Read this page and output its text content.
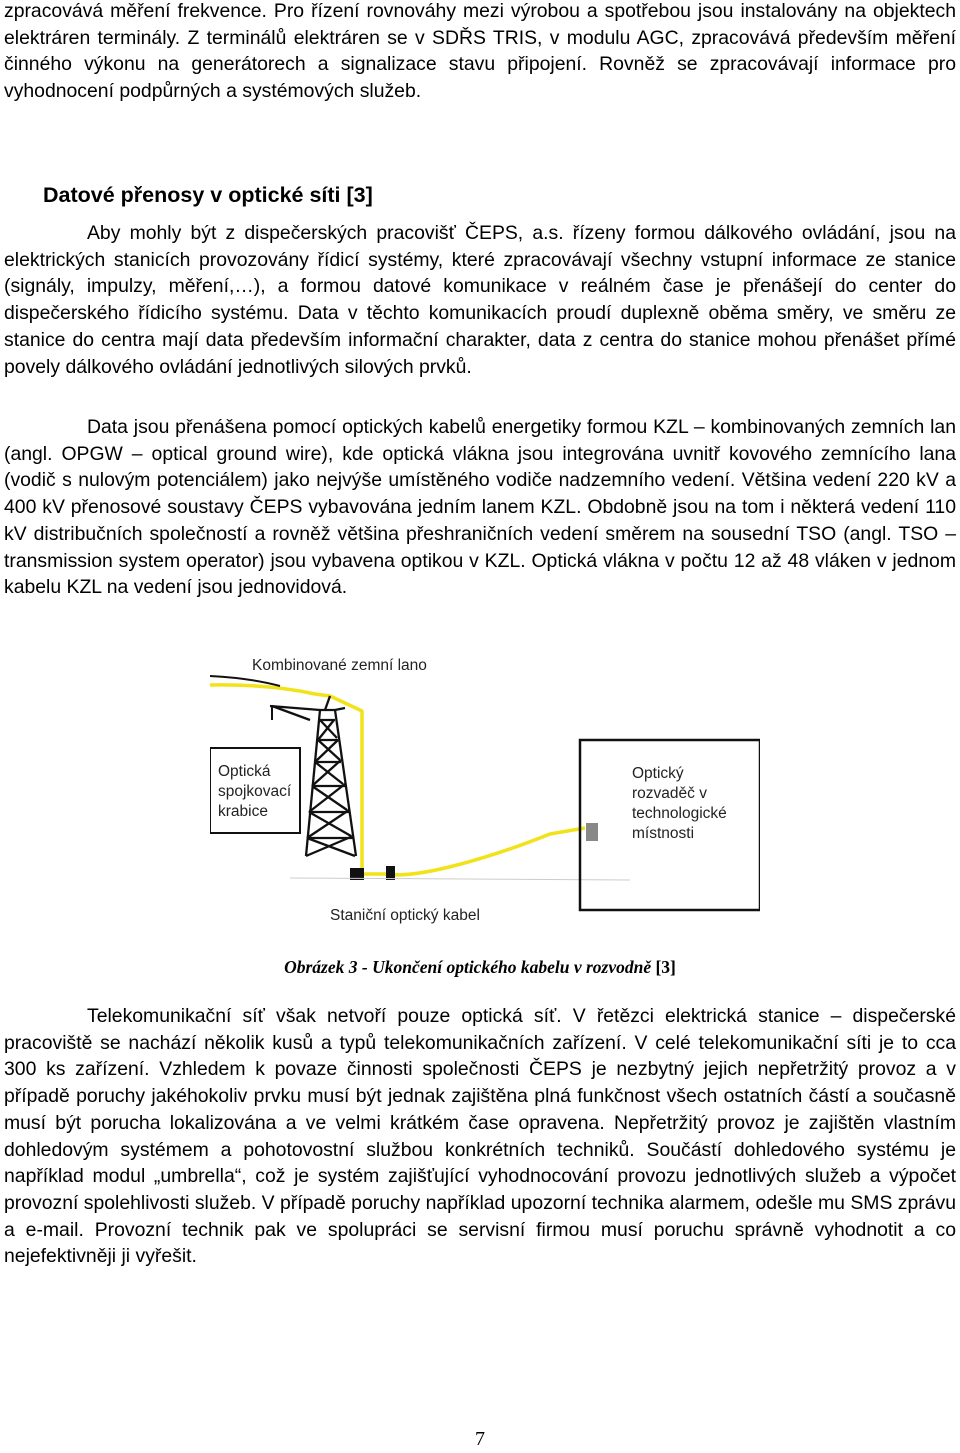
zpracovává měření frekvence. Pro řízení rovnováhy mezi výrobou a spotřebou jsou instalovány na objektech elektráren terminály. Z terminálů elektráren se v SDŘS TRIS, v modulu AGC, zpracovává především měření činného výkonu na generátorech a signalizace stavu připojení. Rovněž se zpracovávají informace pro vyhodnocení podpůrných a systémových služeb.

Datové přenosy v optické síti [3]

Aby mohly být z dispečerských pracovišť ČEPS, a.s. řízeny formou dálkového ovládání, jsou na elektrických stanicích provozovány řídicí systémy, které zpracovávají všechny vstupní informace ze stanice (signály, impulzy, měření,…), a formou datové komunikace v reálném čase je přenášejí do center do dispečerského řídicího systému. Data v těchto komunikacích proudí duplexně oběma směry, ve směru ze stanice do centra mají data především informační charakter, data z centra do stanice mohou přenášet přímé povely dálkového ovládání jednotlivých silových prvků.

Data jsou přenášena pomocí optických kabelů energetiky formou KZL – kombinovaných zemních lan (angl. OPGW – optical ground wire), kde optická vlákna jsou integrována uvnitř kovového zemnícího lana (vodič s nulovým potenciálem) jako nejvýše umístěného vodiče nadzemního vedení. Většina vedení 220 kV a 400 kV přenosové soustavy ČEPS vybavována jedním lanem KZL. Obdobně jsou na tom i některá vedení 110 kV distribučních společností a rovněž většina přeshraničních vedení směrem na sousední TSO (angl. TSO – transmission system operator) jsou vybavena optikou v KZL. Optická vlákna v počtu 12 až 48 vláken v jednom kabelu KZL na vedení jsou jednovidová.

Kombinované zemní lano
Optická
spojkovací
krabice
Optický
rozvaděč v
technologické
místnosti
Staniční optický kabel

Obrázek 3 - Ukončení optického kabelu v rozvodně [3]

Telekomunikační síť však netvoří pouze optická síť. V řetězci elektrická stanice – dispečerské pracoviště se nachází několik kusů a typů telekomunikačních zařízení. V celé telekomunikační síti je to cca 300 ks zařízení. Vzhledem k povaze činnosti společnosti ČEPS je nezbytný jejich nepřetržitý provoz a v případě poruchy jakéhokoliv prvku musí být jednak zajištěna plná funkčnost všech ostatních částí a současně musí být porucha lokalizována a ve velmi krátkém čase opravena. Nepřetržitý provoz je zajištěn vlastním dohledovým systémem a pohotovostní službou konkrétních techniků. Součástí dohledového systému je například modul „umbrella“, což je systém zajišťující vyhodnocování provozu jednotlivých služeb a výpočet provozní spolehlivosti služeb. V případě poruchy například upozorní technika alarmem, odešle mu SMS zprávu a e-mail. Provozní technik pak ve spolupráci se servisní firmou musí poruchu správně vyhodnotit a co nejefektivněji ji vyřešit.

7
